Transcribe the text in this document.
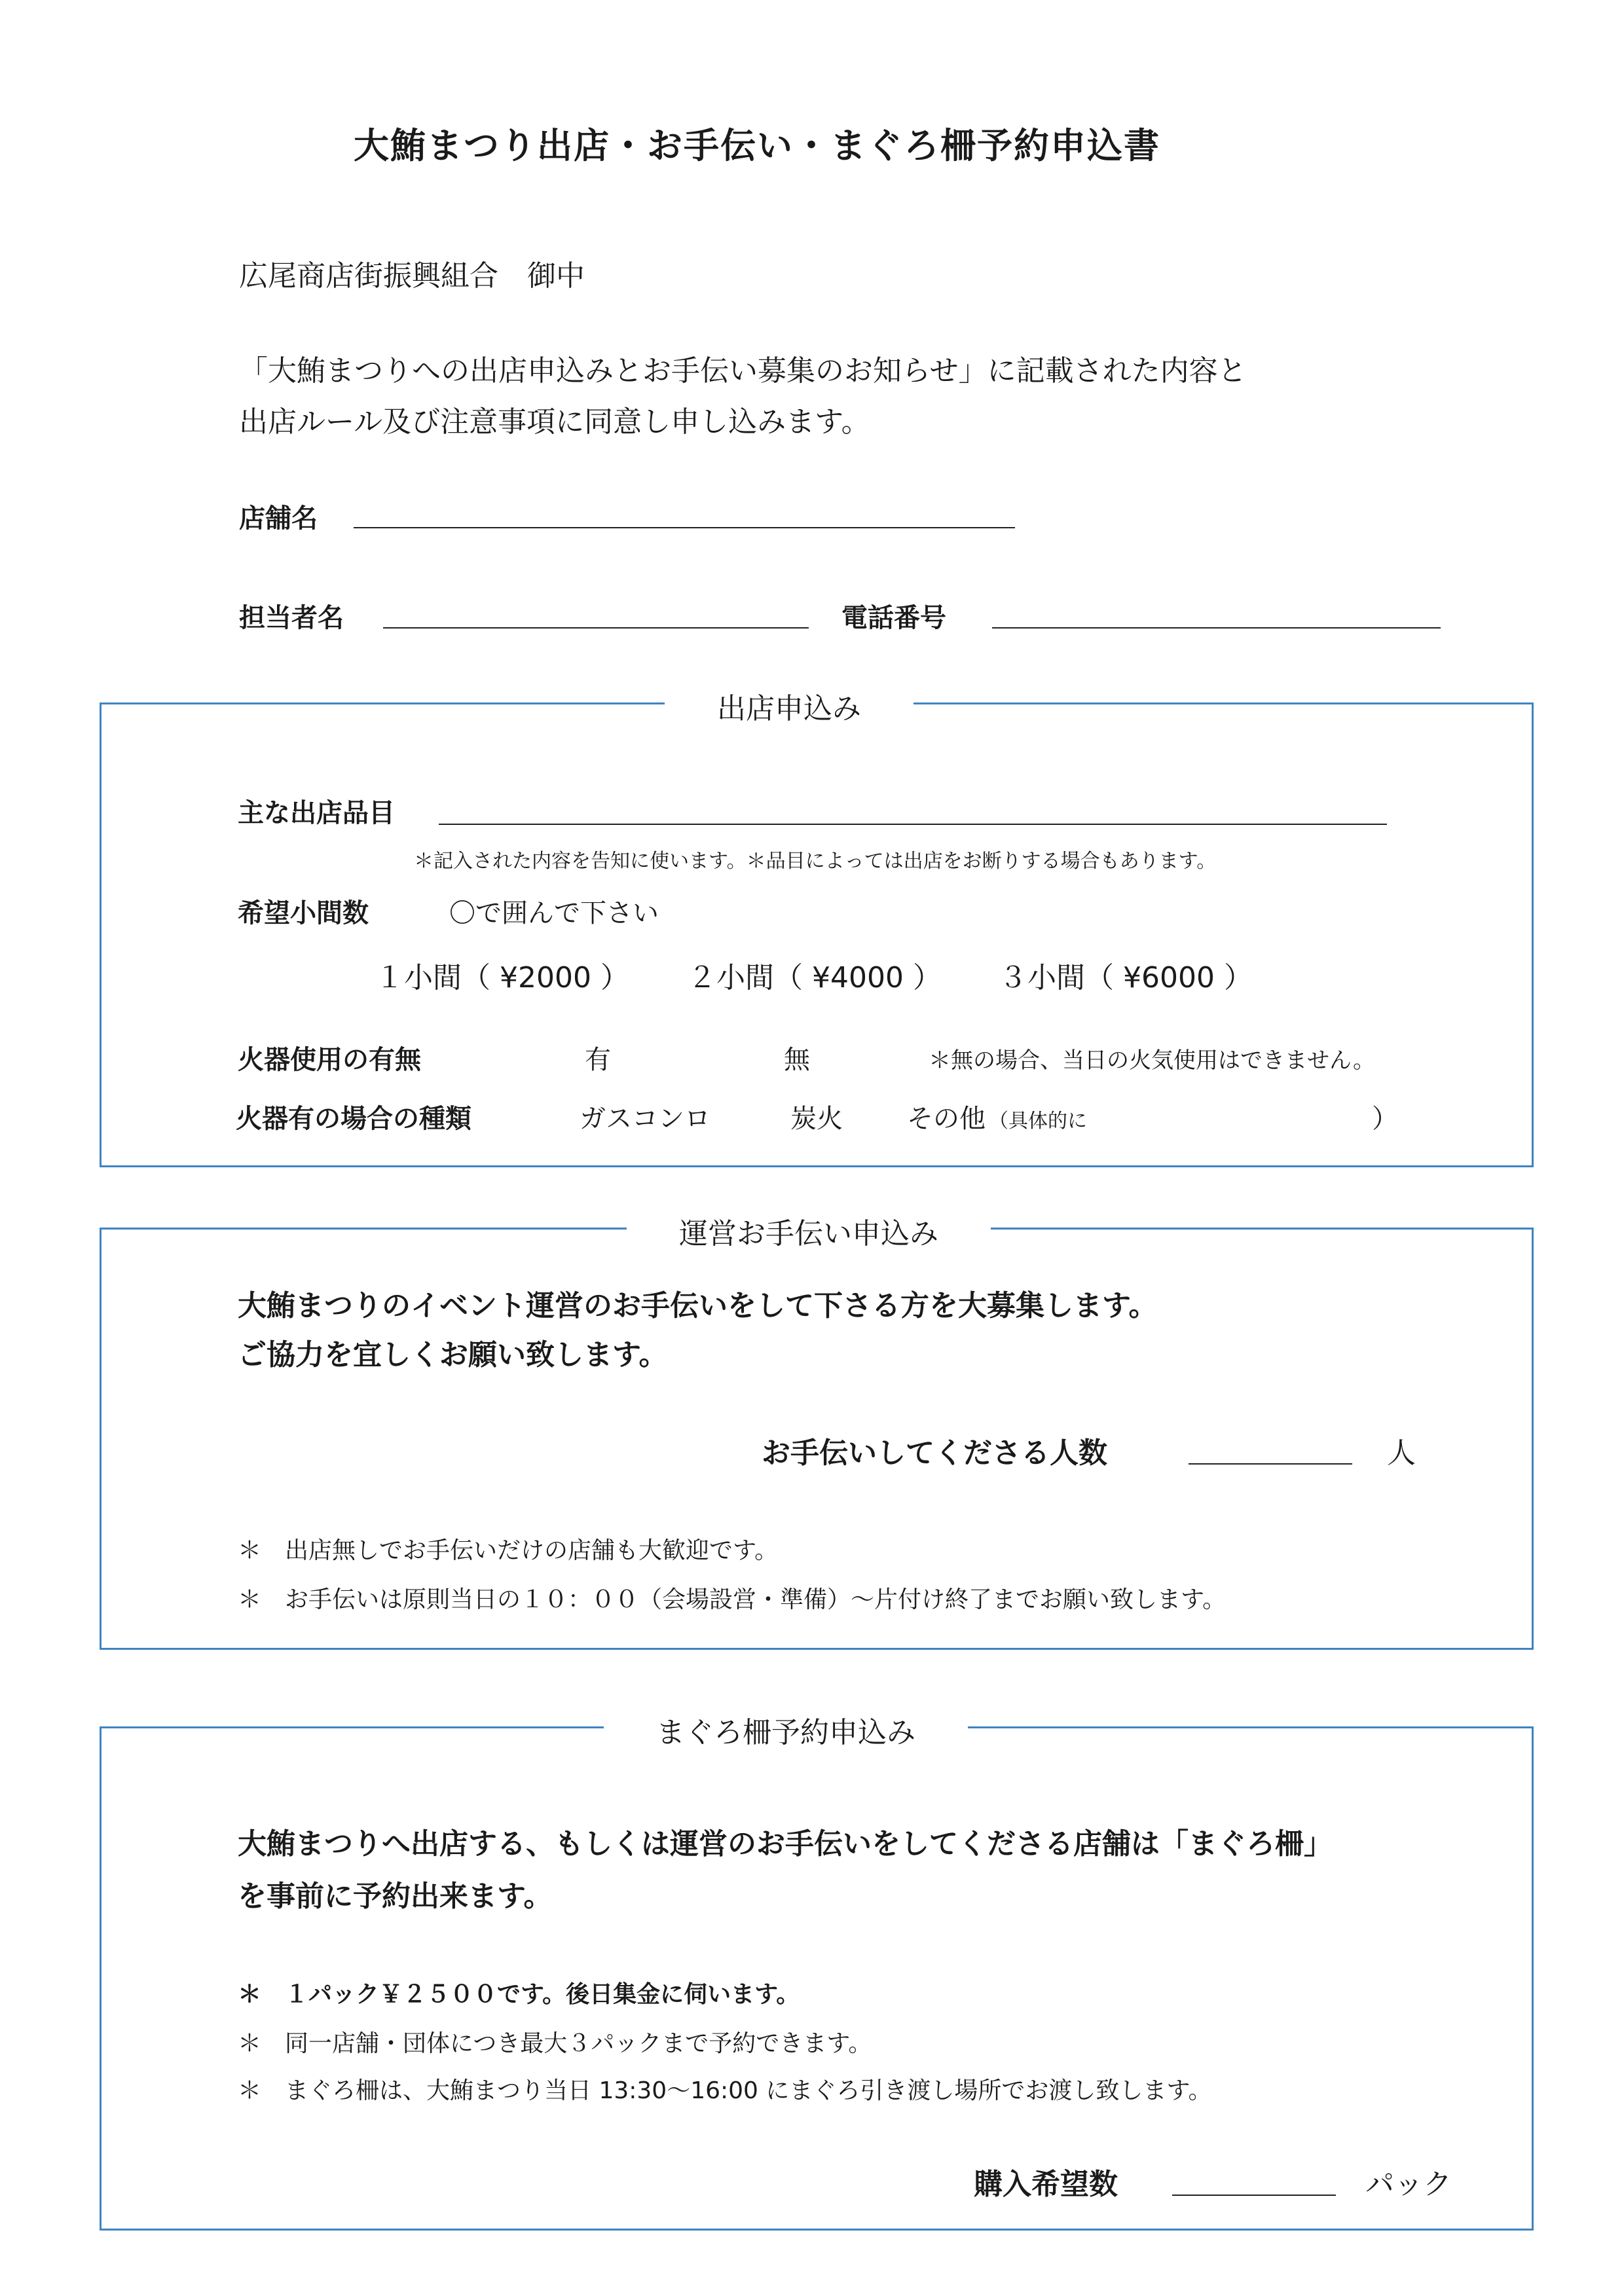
大鮪まつり出店・お手伝い・まぐろ柵予約申込書
広尾商店街振興組合　御中
「大鮪まつりへの出店申込みとお手伝い募集のお知らせ」に記載された内容と
出店ルール及び注意事項に同意し申し込みます。
店舗名
担当者名	電話番号
出店申込み
主な出店品目
＊記入された内容を告知に使います。＊品目によっては出店をお断りする場合もあります。
希望小間数	〇で囲んで下さい
１小間（ ¥2000 ） ２小間（ ¥4000 ） ３小間（ ¥6000 ）
火器使用の有無	有	無	＊無の場合、当日の火気使用はできません。
火器有の場合の種類	ガスコンロ	炭火 その他 （具体的に	）
運営お手伝い申込み
大鮪まつりのイベント運営のお手伝いをして下さる方を大募集します。
ご協力を宜しくお願い致します。
お手伝いしてくださる人数	人
＊　出店無しでお手伝いだけの店舗も大歓迎です。
＊　お手伝いは原則当日の１０：００（会場設営・準備）～片付け終了までお願い致します。
まぐろ柵予約申込み
大鮪まつりへ出店する、もしくは運営のお手伝いをしてくださる店舗は「まぐろ柵」
を事前に予約出来ます。
＊　１パック￥２５００です。後日集金に伺います。
＊　同一店舗・団体につき最大３パックまで予約できます。
＊　まぐろ柵は、大鮪まつり当日 13:30～16:00 にまぐろ引き渡し場所でお渡し致します。
購入希望数	パック
